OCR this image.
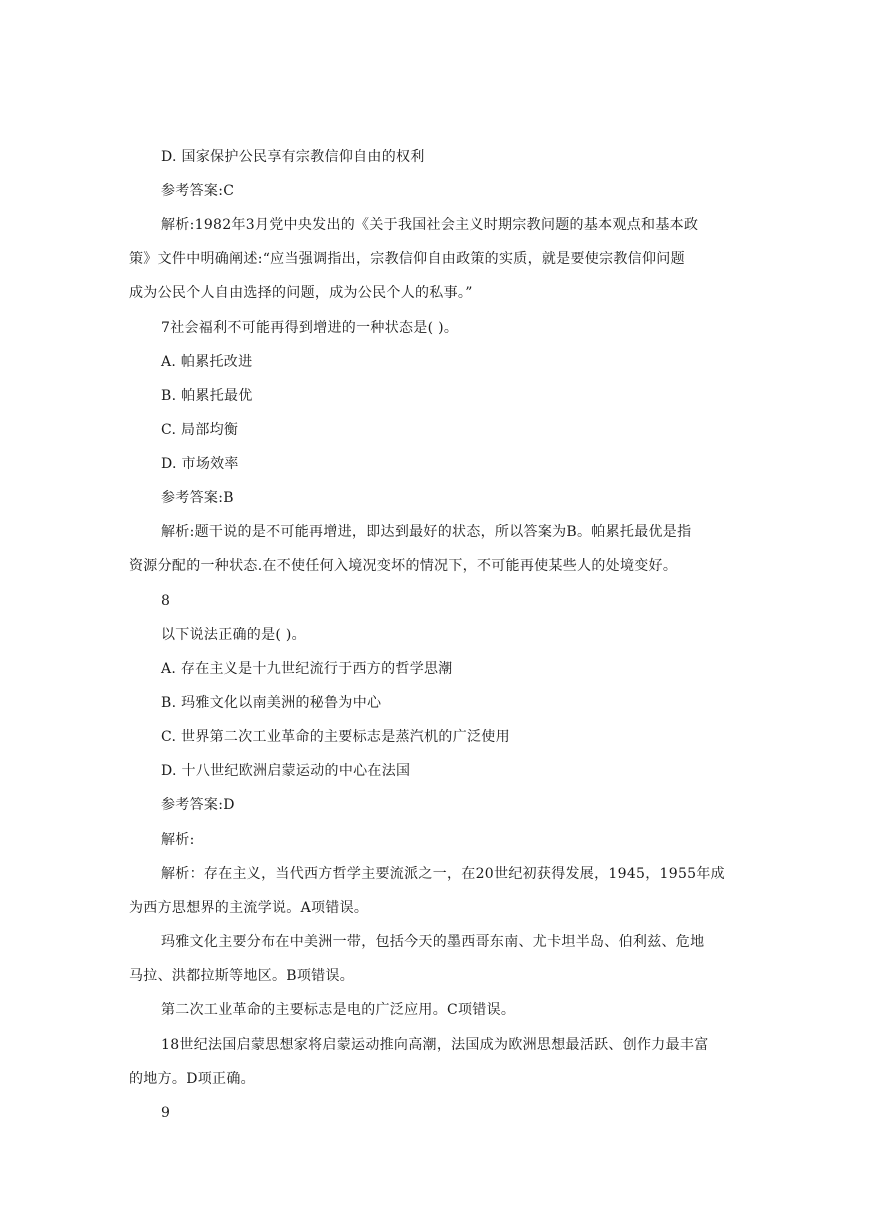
D. 国家保护公民享有宗教信仰自由的权利
参考答案:C
解析:1982年3月党中央发出的《关于我国社会主义时期宗教问题的基本观点和基本政
策》文件中明确阐述:“应当强调指出，宗教信仰自由政策的实质，就是要使宗教信仰问题
成为公民个人自由选择的问题，成为公民个人的私事。”
7社会福利不可能再得到增进的一种状态是( )。
A. 帕累托改进
B. 帕累托最优
C. 局部均衡
D. 市场效率
参考答案:B
解析:题干说的是不可能再增进，即达到最好的状态，所以答案为B。帕累托最优是指
资源分配的一种状态.在不使任何入境况变坏的情况下，不可能再使某些人的处境变好。
8
以下说法正确的是( )。
A. 存在主义是十九世纪流行于西方的哲学思潮
B. 玛雅文化以南美洲的秘鲁为中心
C. 世界第二次工业革命的主要标志是蒸汽机的广泛使用
D. 十八世纪欧洲启蒙运动的中心在法国
参考答案:D
解析:
解析：存在主义，当代西方哲学主要流派之一，在20世纪初获得发展，1945，1955年成
为西方思想界的主流学说。A项错误。
玛雅文化主要分布在中美洲一带，包括今天的墨西哥东南、尤卡坦半岛、伯利兹、危地
马拉、洪都拉斯等地区。B项错误。
第二次工业革命的主要标志是电的广泛应用。C项错误。
18世纪法国启蒙思想家将启蒙运动推向高潮，法国成为欧洲思想最活跃、创作力最丰富
的地方。D项正确。
9
